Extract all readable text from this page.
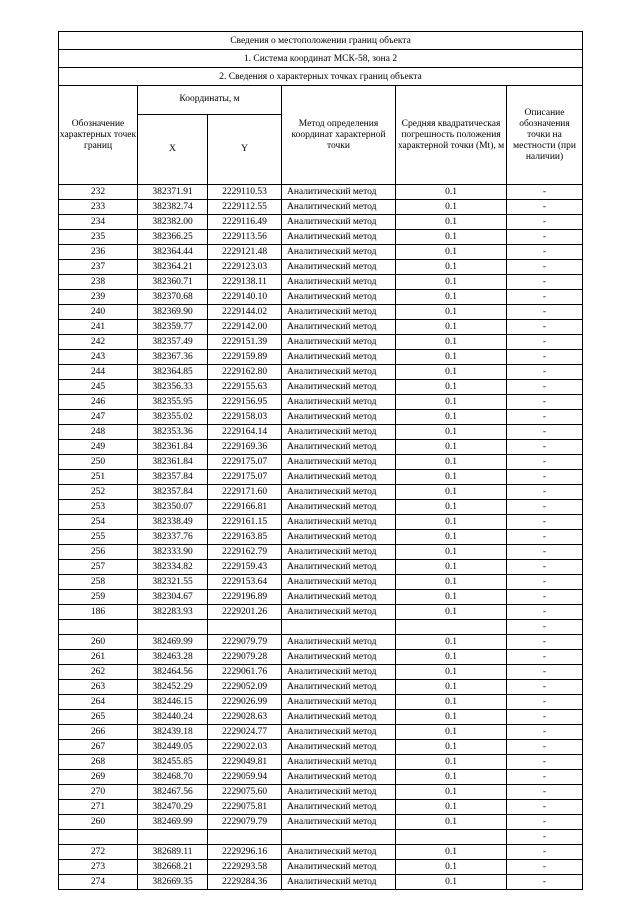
Сведения о местоположении границ объекта					
1. Система координат МСК-58, зона 2					
2. Сведения о характерных точках границ объекта					
Обозначение характерных точек границ	Координаты, м		Метод определения координат характерной точки	Средняя квадратическая погрешность положения характерной точки (Mt), м	Описание обозначения точки на местности (при наличии)
	X	Y			
232	382371.91	2229110.53	Аналитический метод	0.1	-
233	382382.74	2229112.55	Аналитический метод	0.1	-
234	382382.00	2229116.49	Аналитический метод	0.1	-
235	382366.25	2229113.56	Аналитический метод	0.1	-
236	382364.44	2229121.48	Аналитический метод	0.1	-
237	382364.21	2229123.03	Аналитический метод	0.1	-
238	382360.71	2229138.11	Аналитический метод	0.1	-
239	382370.68	2229140.10	Аналитический метод	0.1	-
240	382369.90	2229144.02	Аналитический метод	0.1	-
241	382359.77	2229142.00	Аналитический метод	0.1	-
242	382357.49	2229151.39	Аналитический метод	0.1	-
243	382367.36	2229159.89	Аналитический метод	0.1	-
244	382364.85	2229162.80	Аналитический метод	0.1	-
245	382356.33	2229155.63	Аналитический метод	0.1	-
246	382355.95	2229156.95	Аналитический метод	0.1	-
247	382355.02	2229158.03	Аналитический метод	0.1	-
248	382353.36	2229164.14	Аналитический метод	0.1	-
249	382361.84	2229169.36	Аналитический метод	0.1	-
250	382361.84	2229175.07	Аналитический метод	0.1	-
251	382357.84	2229175.07	Аналитический метод	0.1	-
252	382357.84	2229171.60	Аналитический метод	0.1	-
253	382350.07	2229166.81	Аналитический метод	0.1	-
254	382338.49	2229161.15	Аналитический метод	0.1	-
255	382337.76	2229163.85	Аналитический метод	0.1	-
256	382333.90	2229162.79	Аналитический метод	0.1	-
257	382334.82	2229159.43	Аналитический метод	0.1	-
258	382321.55	2229153.64	Аналитический метод	0.1	-
259	382304.67	2229196.89	Аналитический метод	0.1	-
186	382283.93	2229201.26	Аналитический метод	0.1	-
					-
260	382469.99	2229079.79	Аналитический метод	0.1	-
261	382463.28	2229079.28	Аналитический метод	0.1	-
262	382464.56	2229061.76	Аналитический метод	0.1	-
263	382452.29	2229052.09	Аналитический метод	0.1	-
264	382446.15	2229026.99	Аналитический метод	0.1	-
265	382440.24	2229028.63	Аналитический метод	0.1	-
266	382439.18	2229024.77	Аналитический метод	0.1	-
267	382449.05	2229022.03	Аналитический метод	0.1	-
268	382455.85	2229049.81	Аналитический метод	0.1	-
269	382468.70	2229059.94	Аналитический метод	0.1	-
270	382467.56	2229075.60	Аналитический метод	0.1	-
271	382470.29	2229075.81	Аналитический метод	0.1	-
260	382469.99	2229079.79	Аналитический метод	0.1	-
					-
272	382689.11	2229296.16	Аналитический метод	0.1	-
273	382668.21	2229293.58	Аналитический метод	0.1	-
274	382669.35	2229284.36	Аналитический метод	0.1	-
